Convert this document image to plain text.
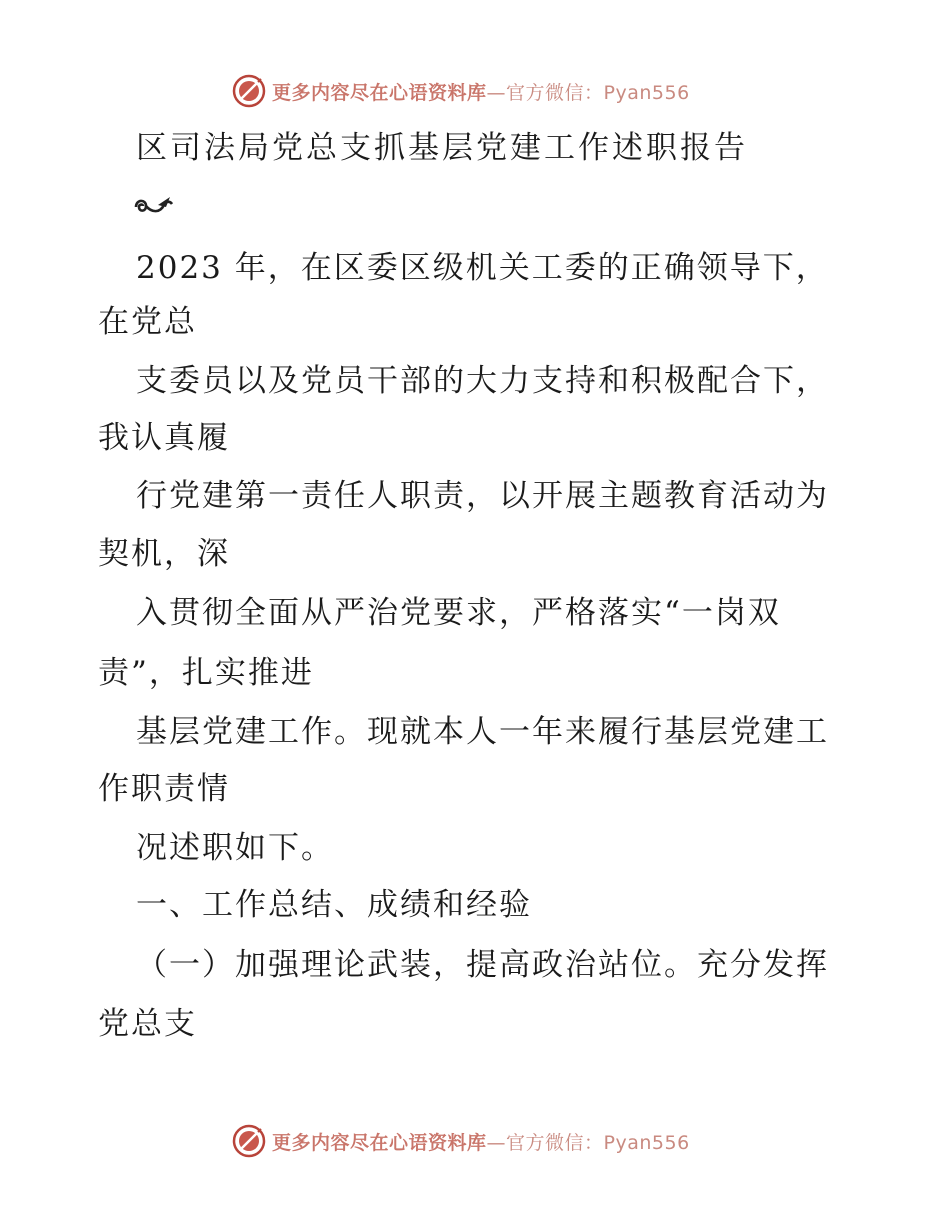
更多内容尽在心语资料库—官方微信：Pyan556
区司法局党总支抓基层党建工作述职报告
2023 年，在区委区级机关工委的正确领导下，
在党总
支委员以及党员干部的大力支持和积极配合下，
我认真履
行党建第一责任人职责，以开展主题教育活动为
契机，深
入贯彻全面从严治党要求，严格落实“一岗双
责”，扎实推进
基层党建工作。现就本人一年来履行基层党建工
作职责情
况述职如下。
一、工作总结、成绩和经验
（一）加强理论武装，提高政治站位。充分发挥
党总支
更多内容尽在心语资料库—官方微信：Pyan556
